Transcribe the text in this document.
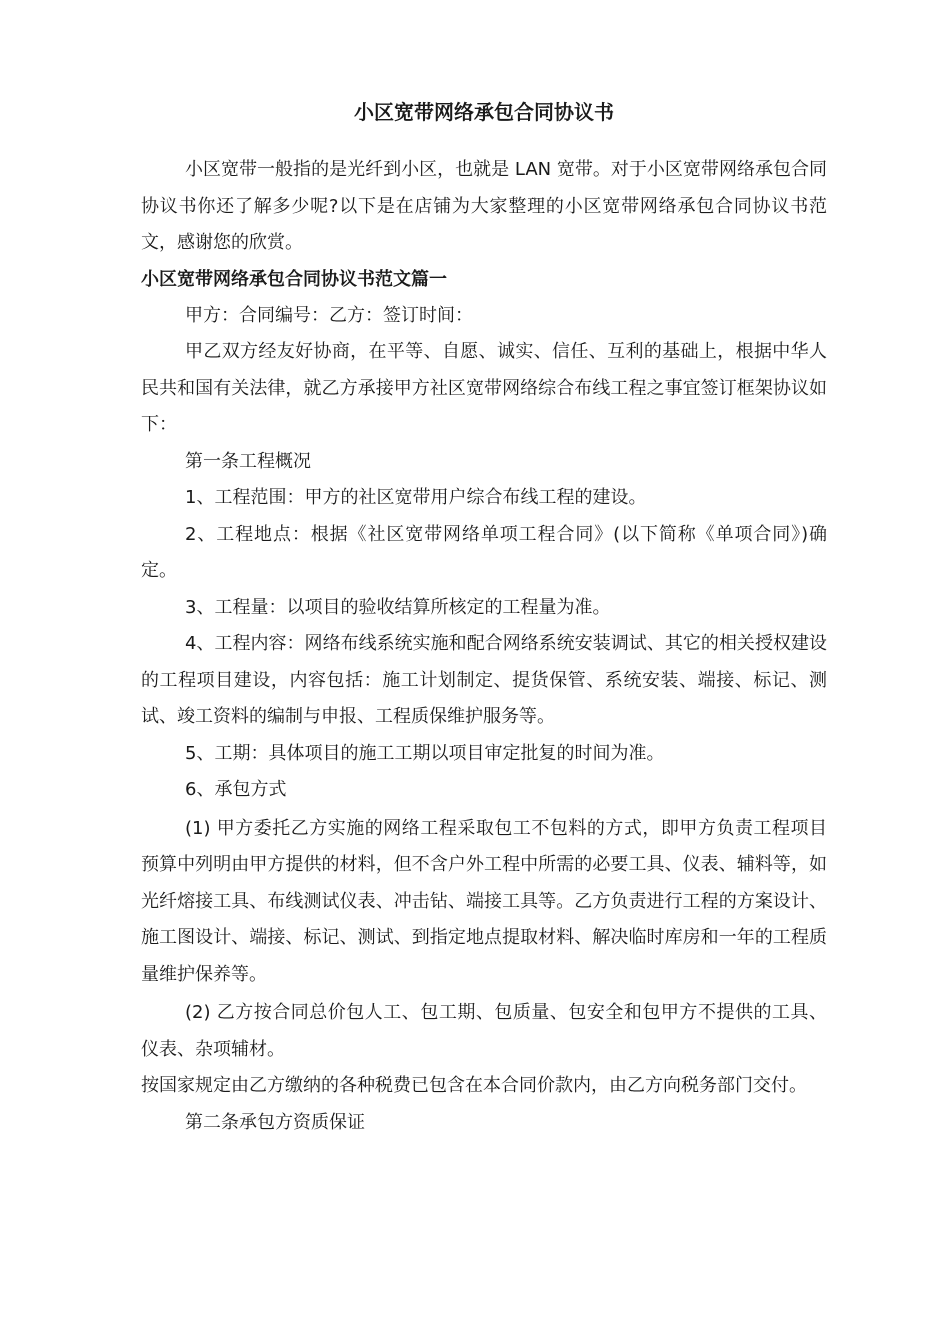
小区宽带网络承包合同协议书

小区宽带一般指的是光纤到小区，也就是 LAN 宽带。对于小区宽带网络承包合同协议书你还了解多少呢?以下是在店铺为大家整理的小区宽带网络承包合同协议书范文，感谢您的欣赏。

小区宽带网络承包合同协议书范文篇一

甲方：合同编号：乙方：签订时间：

甲乙双方经友好协商，在平等、自愿、诚实、信任、互利的基础上，根据中华人民共和国有关法律，就乙方承接甲方社区宽带网络综合布线工程之事宜签订框架协议如下：

第一条工程概况

1、工程范围：甲方的社区宽带用户综合布线工程的建设。

2、工程地点：根据《社区宽带网络单项工程合同》(以下简称《单项合同》)确定。

3、工程量：以项目的验收结算所核定的工程量为准。

4、工程内容：网络布线系统实施和配合网络系统安装调试、其它的相关授权建设的工程项目建设，内容包括：施工计划制定、提货保管、系统安装、端接、标记、测试、竣工资料的编制与申报、工程质保维护服务等。

5、工期：具体项目的施工工期以项目审定批复的时间为准。

6、承包方式

(1) 甲方委托乙方实施的网络工程采取包工不包料的方式，即甲方负责工程项目预算中列明由甲方提供的材料，但不含户外工程中所需的必要工具、仪表、辅料等，如光纤熔接工具、布线测试仪表、冲击钻、端接工具等。乙方负责进行工程的方案设计、施工图设计、端接、标记、测试、到指定地点提取材料、解决临时库房和一年的工程质量维护保养等。

(2) 乙方按合同总价包人工、包工期、包质量、包安全和包甲方不提供的工具、仪表、杂项辅材。

按国家规定由乙方缴纳的各种税费已包含在本合同价款内，由乙方向税务部门交付。

第二条承包方资质保证
